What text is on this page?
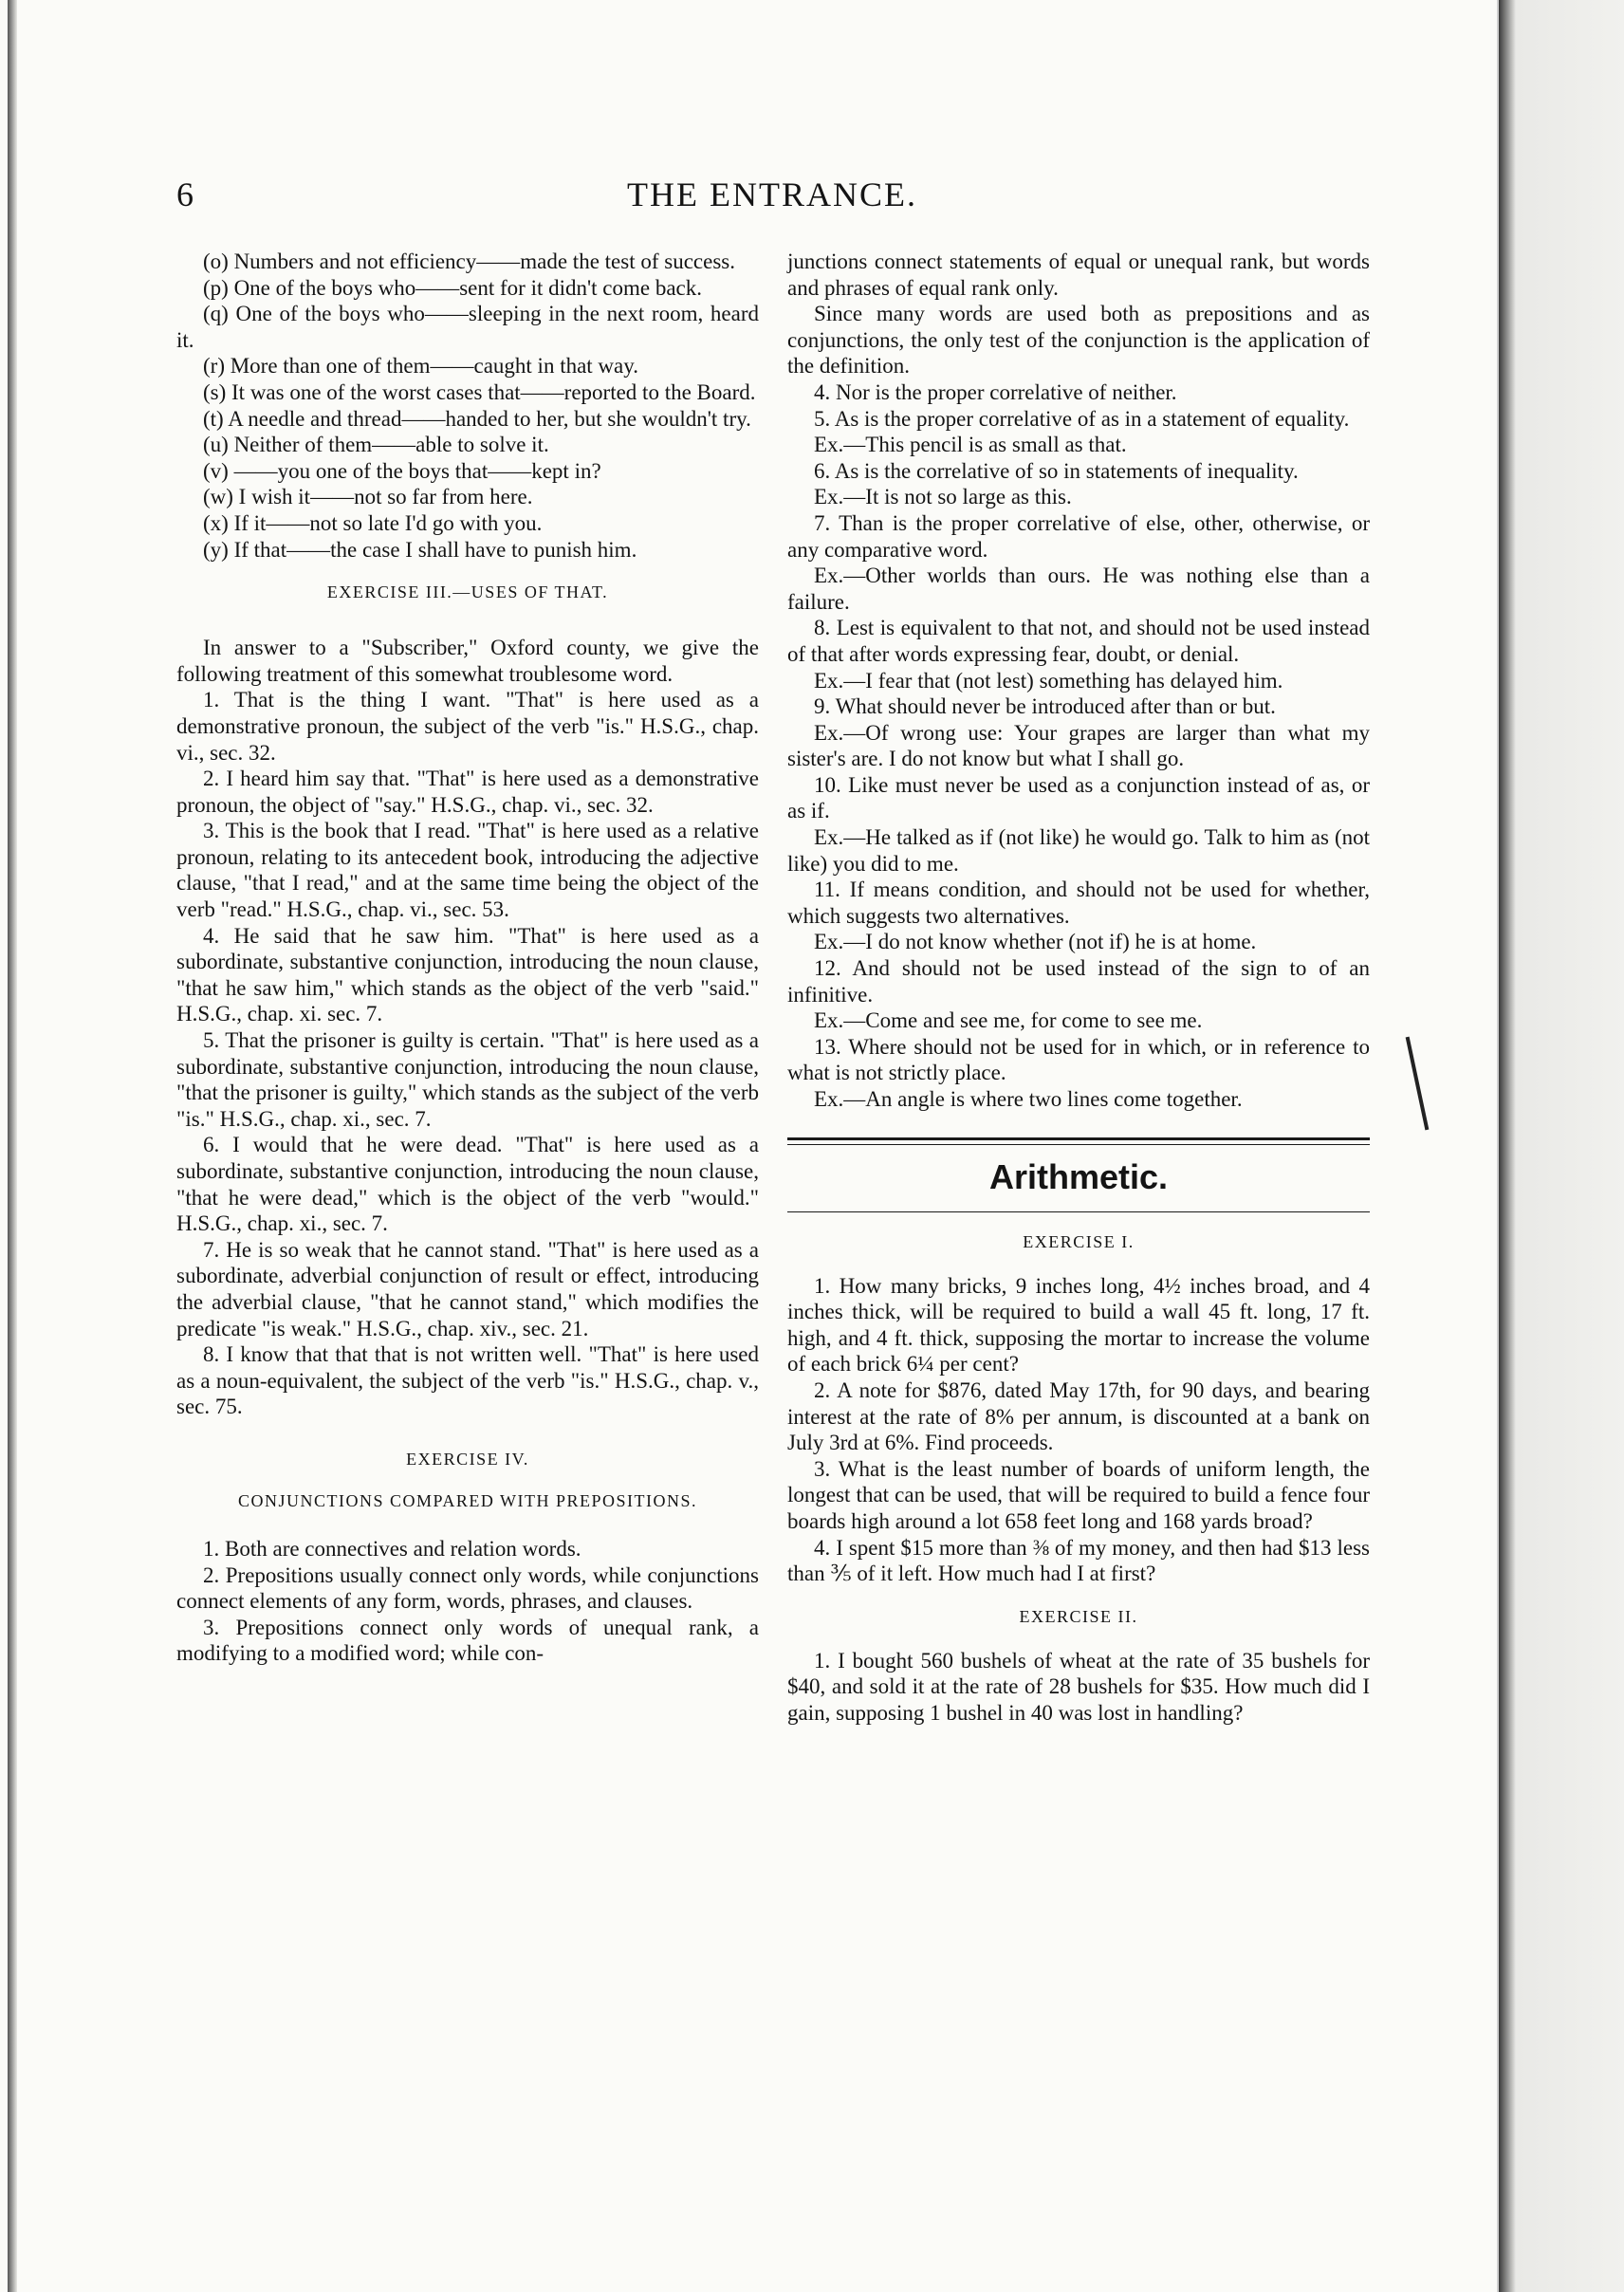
6	THE ENTRANCE.

(o) Numbers and not efficiency——made the test of success.

(p) One of the boys who——sent for it didn't come back.

(q) One of the boys who——sleeping in the next room, heard it.

(r) More than one of them——caught in that way.

(s) It was one of the worst cases that——reported to the Board.

(t) A needle and thread——handed to her, but she wouldn't try.

(u) Neither of them——able to solve it.

(v) ——you one of the boys that——kept in?

(w) I wish it——not so far from here.

(x) If it——not so late I'd go with you.

(y) If that——the case I shall have to punish him.

EXERCISE III.—USES OF THAT.

In answer to a "Subscriber," Oxford county, we give the following treatment of this somewhat troublesome word.

1. That is the thing I want. "That" is here used as a demonstrative pronoun, the subject of the verb "is." H.S.G., chap. vi., sec. 32.

2. I heard him say that. "That" is here used as a demonstrative pronoun, the object of "say." H.S.G., chap. vi., sec. 32.

3. This is the book that I read. "That" is here used as a relative pronoun, relating to its antecedent book, introducing the adjective clause, "that I read," and at the same time being the object of the verb "read." H.S.G., chap. vi., sec. 53.

4. He said that he saw him. "That" is here used as a subordinate, substantive conjunction, introducing the noun clause, "that he saw him," which stands as the object of the verb "said." H.S.G., chap. xi. sec. 7.

5. That the prisoner is guilty is certain. "That" is here used as a subordinate, substantive conjunction, introducing the noun clause, "that the prisoner is guilty," which stands as the subject of the verb "is." H.S.G., chap. xi., sec. 7.

6. I would that he were dead. "That" is here used as a subordinate, substantive conjunction, introducing the noun clause, "that he were dead," which is the object of the verb "would." H.S.G., chap. xi., sec. 7.

7. He is so weak that he cannot stand. "That" is here used as a subordinate, adverbial conjunction of result or effect, introducing the adverbial clause, "that he cannot stand," which modifies the predicate "is weak." H.S.G., chap. xiv., sec. 21.

8. I know that that that is not written well. "That" is here used as a noun-equivalent, the subject of the verb "is." H.S.G., chap. v., sec. 75.

EXERCISE IV.
CONJUNCTIONS COMPARED WITH PREPOSITIONS.

1. Both are connectives and relation words.

2. Prepositions usually connect only words, while conjunctions connect elements of any form, words, phrases, and clauses.

3. Prepositions connect only words of unequal rank, a modifying to a modified word; while con-

junctions connect statements of equal or unequal rank, but words and phrases of equal rank only.

Since many words are used both as prepositions and as conjunctions, the only test of the conjunction is the application of the definition.

4. Nor is the proper correlative of neither.

5. As is the proper correlative of as in a statement of equality.

Ex.—This pencil is as small as that.

6. As is the correlative of so in statements of inequality.

Ex.—It is not so large as this.

7. Than is the proper correlative of else, other, otherwise, or any comparative word.

Ex.—Other worlds than ours. He was nothing else than a failure.

8. Lest is equivalent to that not, and should not be used instead of that after words expressing fear, doubt, or denial.

Ex.—I fear that (not lest) something has delayed him.

9. What should never be introduced after than or but.

Ex.—Of wrong use: Your grapes are larger than what my sister's are. I do not know but what I shall go.

10. Like must never be used as a conjunction instead of as, or as if.

Ex.—He talked as if (not like) he would go. Talk to him as (not like) you did to me.

11. If means condition, and should not be used for whether, which suggests two alternatives.

Ex.—I do not know whether (not if) he is at home.

12. And should not be used instead of the sign to of an infinitive.

Ex.—Come and see me, for come to see me.

13. Where should not be used for in which, or in reference to what is not strictly place.

Ex.—An angle is where two lines come together.

Arithmetic.
EXERCISE I.

1. How many bricks, 9 inches long, 4½ inches broad, and 4 inches thick, will be required to build a wall 45 ft. long, 17 ft. high, and 4 ft. thick, supposing the mortar to increase the volume of each brick 6¼ per cent?

2. A note for $876, dated May 17th, for 90 days, and bearing interest at the rate of 8% per annum, is discounted at a bank on July 3rd at 6%. Find proceeds.

3. What is the least number of boards of uniform length, the longest that can be used, that will be required to build a fence four boards high around a lot 658 feet long and 168 yards broad?

4. I spent $15 more than ⅜ of my money, and then had $13 less than ⅗ of it left. How much had I at first?

EXERCISE II.

1. I bought 560 bushels of wheat at the rate of 35 bushels for $40, and sold it at the rate of 28 bushels for $35. How much did I gain, supposing 1 bushel in 40 was lost in handling?
